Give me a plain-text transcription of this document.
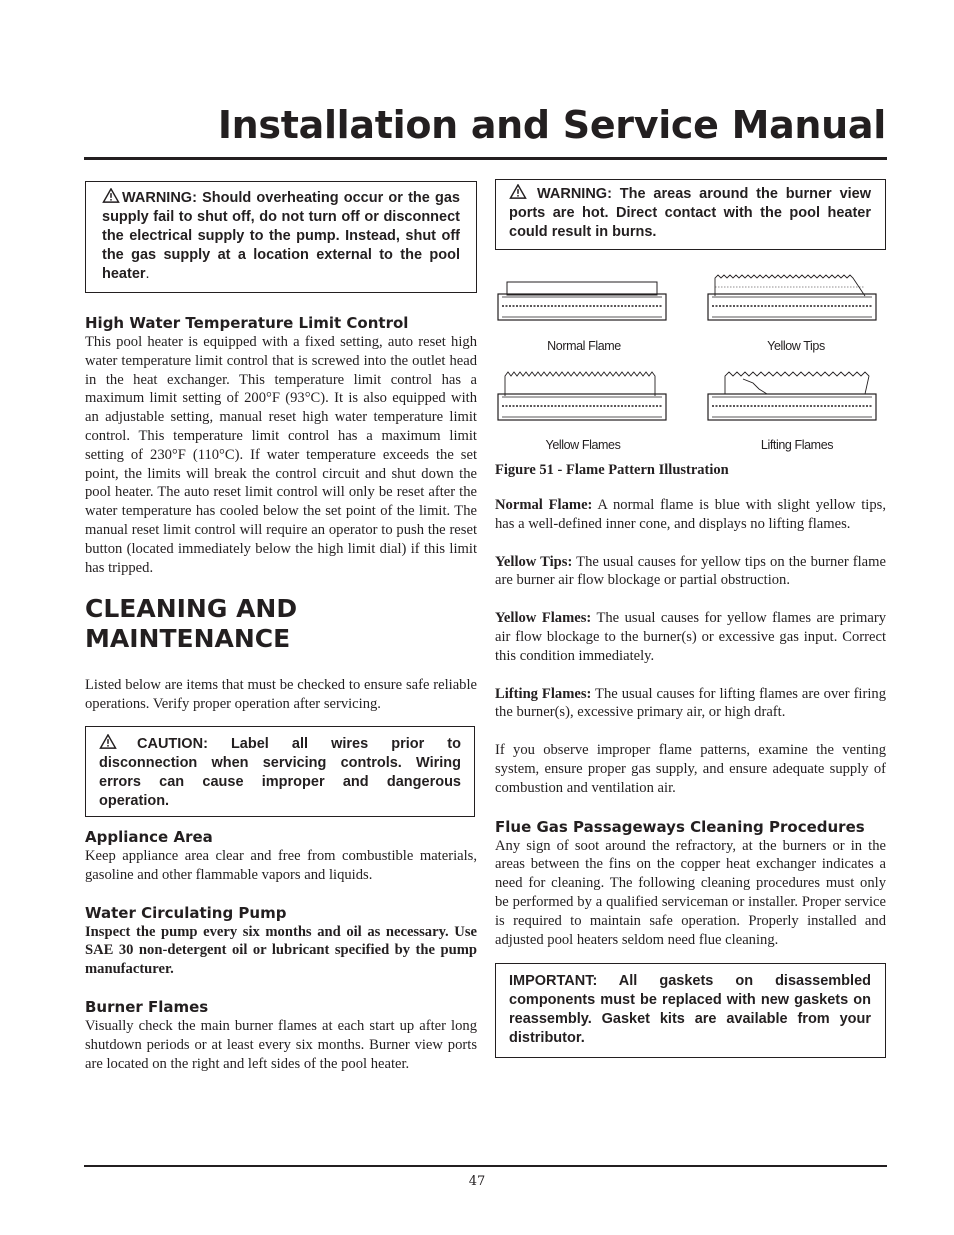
Installation and Service Manual

WARNING: Should overheating occur or the gas supply fail to shut off, do not turn off or disconnect the electrical supply to the pump. Instead, shut off the gas supply at a location external to the pool heater.

High Water Temperature Limit Control

This pool heater is equipped with a fixed setting, auto reset high water temperature limit control that is screwed into the outlet head in the heat exchanger. This temperature limit control has a maximum limit setting of 200°F (93°C). It is also equipped with an adjustable setting, manual reset high water temperature limit control. This temperature limit control has a maximum limit setting of 230°F (110°C). If water temperature exceeds the set point, the limits will break the control circuit and shut down the pool heater. The auto reset limit control will only be reset after the water temperature has cooled below the set point of the limit. The manual reset limit control will require an operator to push the reset button (located immediately below the high limit dial) if this limit has tripped.

CLEANING AND
MAINTENANCE

Listed below are items that must be checked to ensure safe reliable operations. Verify proper operation after servicing.

CAUTION: Label all wires prior to disconnection when servicing controls. Wiring errors can cause improper and dangerous operation.

Appliance Area

Keep appliance area clear and free from combustible materials, gasoline and other flammable vapors and liquids.

Water Circulating Pump

Inspect the pump every six months and oil as necessary. Use SAE 30 non-detergent oil or lubricant specified by the pump manufacturer.

Burner Flames

Visually check the main burner flames at each start up after long shutdown periods or at least every six months. Burner view ports are located on the right and left sides of the pool heater.

WARNING: The areas around the burner view ports are hot. Direct contact with the pool heater could result in burns.

Normal Flame	Yellow Tips
Yellow Flames	Lifting Flames
Figure 51 - Flame Pattern Illustration

Normal Flame: A normal flame is blue with slight yellow tips, has a well-defined inner cone, and displays no lifting flames.

Yellow Tips: The usual causes for yellow tips on the burner flame are burner air flow blockage or partial obstruction.

Yellow Flames: The usual causes for yellow flames are primary air flow blockage to the burner(s) or excessive gas input. Correct this condition immediately.

Lifting Flames: The usual causes for lifting flames are over firing the burner(s), excessive primary air, or high draft.

If you observe improper flame patterns, examine the venting system, ensure proper gas supply, and ensure adequate supply of combustion and ventilation air.

Flue Gas Passageways Cleaning Procedures

Any sign of soot around the refractory, at the burners or in the areas between the fins on the copper heat exchanger indicates a need for cleaning. The following cleaning procedures must only be performed by a qualified serviceman or installer. Proper service is required to maintain safe operation. Properly installed and adjusted pool heaters seldom need flue cleaning.

IMPORTANT: All gaskets on disassembled components must be replaced with new gaskets on reassembly. Gasket kits are available from your distributor.

47
